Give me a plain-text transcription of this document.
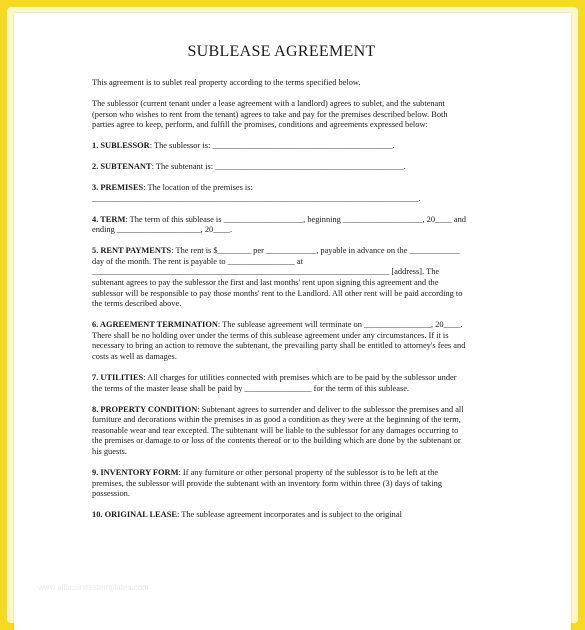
www.allbusinesstemplates.com
SUBLEASE AGREEMENT

This agreement is to sublet real property according to the terms specified below.

The sublessor (current tenant under a lease agreement with a landlord) agrees to sublet, and the subtenant (person who wishes to rent from the tenant) agrees to take and pay for the premises described below. Both parties agree to keep, perform, and fulfill the promises, conditions and agreements expressed below:

1. SUBLESSOR: The sublessor is: ___________________________________________.

2. SUBTENANT: The subtenant is: _____________________________________________.

3. PREMISES: The location of the premises is: ______________________________________________________________________________.

4. TERM: The term of this sublease is ___________________, beginning ___________________, 20____ and ending ____________________, 20____.

5. RENT PAYMENTS: The rent is $________ per ____________, payable in advance on the ____________ day of the month. The rent is payable to ________________ at _______________________________________________________________________ [address]. The subtenant agrees to pay the sublessor the first and last months' rent upon signing this agreement and the sublessor will be responsible to pay those months' rent to the Landlord. All other rent will be paid according to the terms described above.

6. AGREEMENT TERMINATION: The sublease agreement will terminate on ________________, 20____. There shall be no holding over under the terms of this sublease agreement under any circumstances. If it is necessary to bring an action to remove the subtenant, the prevailing party shall be entitled to attorney's fees and costs as well as damages.

7. UTILITIES: All charges for utilities connected with premises which are to be paid by the sublessor under the terms of the master lease shall be paid by ________________ for the term of this sublease.

8. PROPERTY CONDITION: Subtenant agrees to surrender and deliver to the sublessor the premises and all furniture and decorations within the premises in as good a condition as they were at the beginning of the term, reasonable wear and tear excepted. The subtenant will be liable to the sublessor for any damages occurring to the premises or damage to or loss of the contents thereof or to the building which are done by the subtenant or his guests.

9. INVENTORY FORM: If any furniture or other personal property of the sublessor is to be left at the premises, the sublessor will provide the subtenant with an inventory form within three (3) days of taking possession.

10. ORIGINAL LEASE: The sublease agreement incorporates and is subject to the original
